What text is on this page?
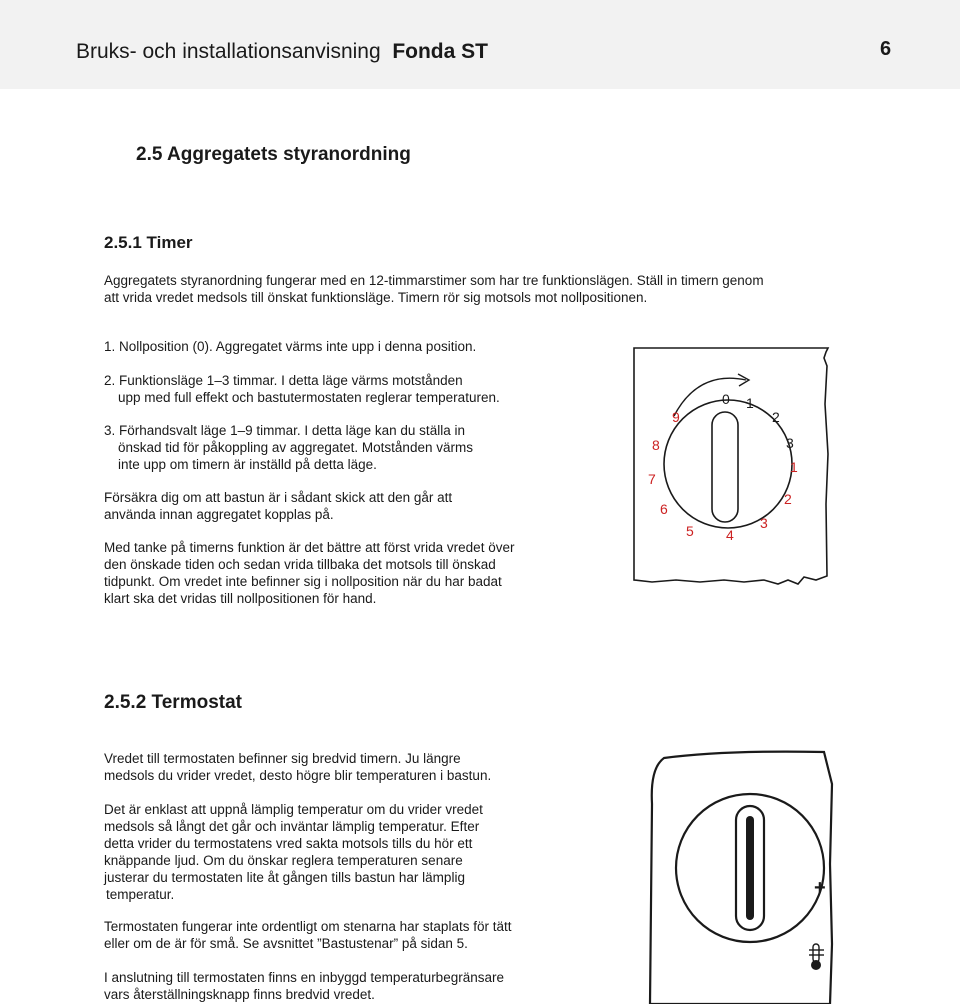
Bruks- och installationsanvisning Fonda ST	6
2.5 Aggregatets styranordning
2.5.1 Timer
Aggregatets styranordning fungerar med en 12-timmarstimer som har tre funktionslägen. Ställ in timern genom
att vrida vredet medsols till önskat funktionsläge. Timern rör sig motsols mot nollpositionen.
1. Nollposition (0). Aggregatet värms inte upp i denna position.
2. Funktionsläge 1–3 timmar. I detta läge värms motstånden
upp med full effekt och bastutermostaten reglerar temperaturen.
3. Förhandsvalt läge 1–9 timmar. I detta läge kan du ställa in
önskad tid för påkoppling av aggregatet. Motstånden värms
inte upp om timern är inställd på detta läge.
Försäkra dig om att bastun är i sådant skick att den går att
använda innan aggregatet kopplas på.
Med tanke på timerns funktion är det bättre att först vrida vredet över
den önskade tiden och sedan vrida tillbaka det motsols till önskad
tidpunkt. Om vredet inte befinner sig i nollposition när du har badat
klart ska det vridas till nollpositionen för hand.
0 1
2
3
1
2
3
4
5
6
7
8
9
2.5.2 Termostat
Vredet till termostaten befinner sig bredvid timern. Ju längre
medsols du vrider vredet, desto högre blir temperaturen i bastun.
Det är enklast att uppnå lämplig temperatur om du vrider vredet
medsols så långt det går och inväntar lämplig temperatur. Efter
detta vrider du termostatens vred sakta motsols tills du hör ett
knäppande ljud. Om du önskar reglera temperaturen senare
justerar du termostaten lite åt gången tills bastun har lämplig
temperatur.
Termostaten fungerar inte ordentligt om stenarna har staplats för tätt
eller om de är för små. Se avsnittet ”Bastustenar” på sidan 5.
I anslutning till termostaten finns en inbyggd temperaturbegränsare
vars återställningsknapp finns bredvid vredet.
+
